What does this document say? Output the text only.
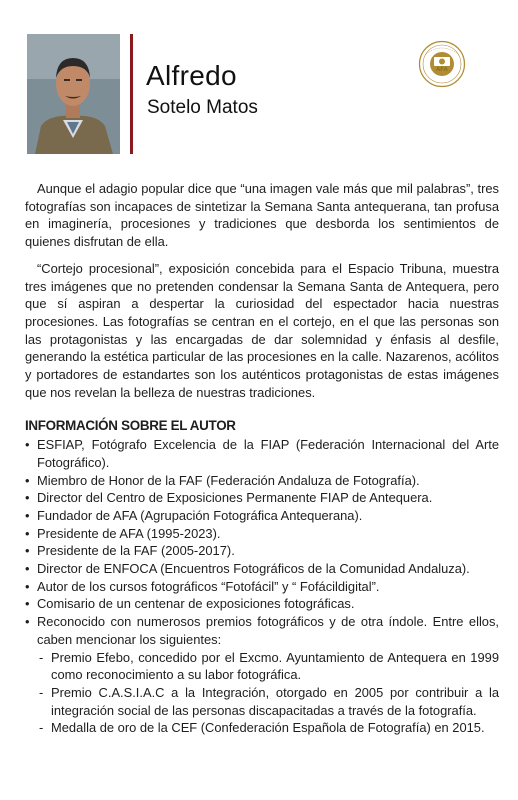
Alfredo
Sotelo Matos
AFA

Aunque el adagio popular dice que “una imagen vale más que mil palabras”, tres fotografías son incapaces de sintetizar la Semana Santa antequerana, tan profusa en imaginería, procesiones y tradiciones que desborda los sentimientos de quienes disfrutan de ella.

“Cortejo procesional”, exposición concebida para el Espacio Tribuna, muestra tres imágenes que no pretenden condensar la Semana Santa de Antequera, pero que sí aspiran a despertar la curiosidad del espectador hacia nuestras procesiones. Las fotografías se centran en el cortejo, en el que las personas son las protagonistas y las encargadas de dar solemnidad y énfasis al desfile, generando la estética particular de las procesiones en la calle. Nazarenos, acólitos y portadores de estandartes son los auténticos protagonistas de estas imágenes que nos revelan la belleza de nuestras tradiciones.

INFORMACIÓN SOBRE EL AUTOR
• ESFIAP, Fotógrafo Excelencia de la FIAP (Federación Internacional del Arte Fotográfico).
• Miembro de Honor de la FAF (Federación Andaluza de Fotografía).
• Director del Centro de Exposiciones Permanente FIAP de Antequera.
• Fundador de AFA (Agrupación Fotográfica Antequerana).
• Presidente de AFA (1995-2023).
• Presidente de la FAF (2005-2017).
• Director de ENFOCA (Encuentros Fotográficos de la Comunidad Andaluza).
• Autor de los cursos fotográficos “Fotofácil” y “ Fofácildigital”.
• Comisario de un centenar de exposiciones fotográficas.
• Reconocido con numerosos premios fotográficos y de otra índole. Entre ellos, caben mencionar los siguientes:
- Premio Efebo, concedido por el Excmo. Ayuntamiento de Antequera en 1999 como reconocimiento a su labor fotográfica.
- Premio C.A.S.I.A.C a la Integración, otorgado en 2005 por contribuir a la integración social de las personas discapacitadas a través de la fotografía.
- Medalla de oro de la CEF (Confederación Española de Fotografía) en 2015.
